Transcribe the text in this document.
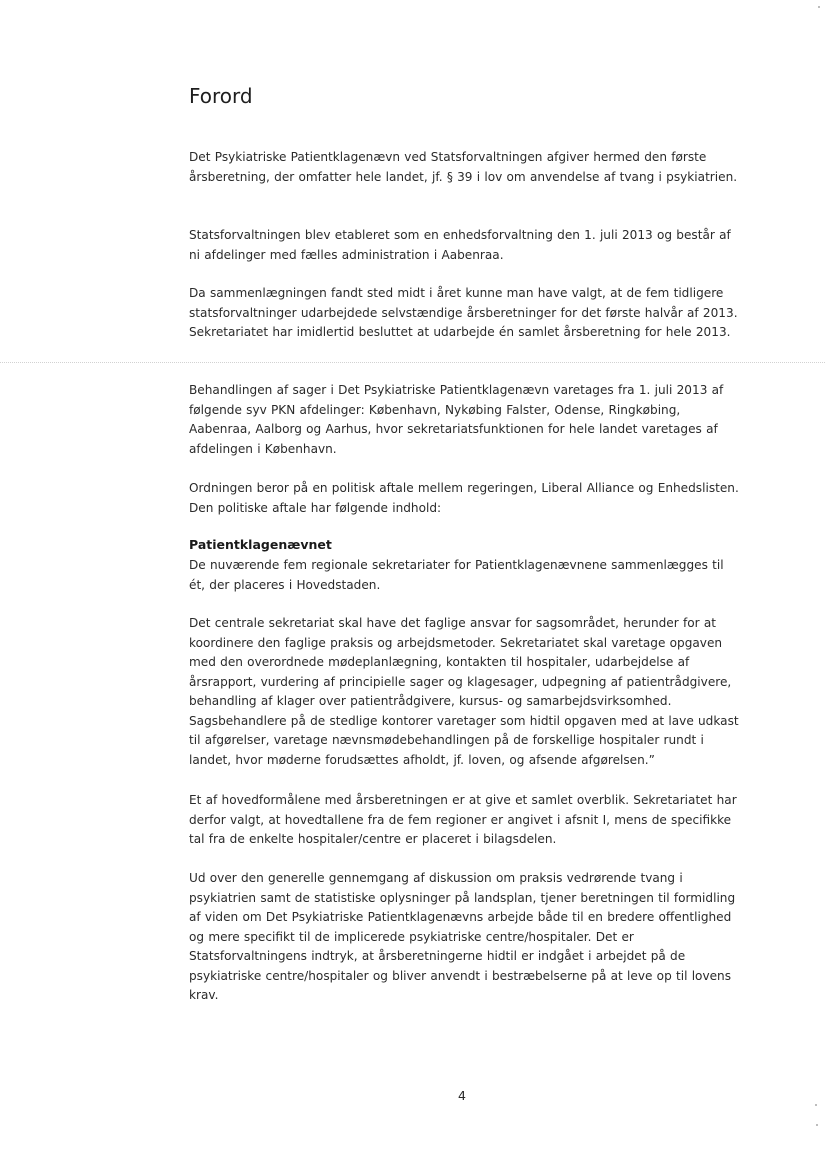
Forord

Det Psykiatriske Patientklagenævn ved Statsforvaltningen afgiver hermed den første årsberetning, der omfatter hele landet, jf. § 39 i lov om anvendelse af tvang i psykiatrien.

Statsforvaltningen blev etableret som en enhedsforvaltning den 1. juli 2013 og består af ni afdelinger med fælles administration i Aabenraa.

Da sammenlægningen fandt sted midt i året kunne man have valgt, at de fem tidligere statsforvaltninger udarbejdede selvstændige årsberetninger for det første halvår af 2013. Sekretariatet har imidlertid besluttet at udarbejde én samlet årsberetning for hele 2013.

Behandlingen af sager i Det Psykiatriske Patientklagenævn varetages fra 1. juli 2013 af følgende syv PKN afdelinger: København, Nykøbing Falster, Odense, Ringkøbing, Aabenraa, Aalborg og Aarhus, hvor sekretariatsfunktionen for hele landet varetages af afdelingen i København.

Ordningen beror på en politisk aftale mellem regeringen, Liberal Alliance og Enhedslisten. Den politiske aftale har følgende indhold:

Patientklagenævnet

De nuværende fem regionale sekretariater for Patientklagenævnene sammenlægges til ét, der placeres i Hovedstaden.

Det centrale sekretariat skal have det faglige ansvar for sagsområdet, herunder for at koordinere den faglige praksis og arbejdsmetoder. Sekretariatet skal varetage opgaven med den overordnede mødeplanlægning, kontakten til hospitaler, udarbejdelse af årsrapport, vurdering af principielle sager og klagesager, udpegning af patientrådgivere, behandling af klager over patientrådgivere, kursus- og samarbejdsvirksomhed. Sagsbehandlere på de stedlige kontorer varetager som hidtil opgaven med at lave udkast til afgørelser, varetage nævnsmødebehandlingen på de forskellige hospitaler rundt i landet, hvor møderne forudsættes afholdt, jf. loven, og afsende afgørelsen.”

Et af hovedformålene med årsberetningen er at give et samlet overblik. Sekretariatet har derfor valgt, at hovedtallene fra de fem regioner er angivet i afsnit I, mens de specifikke tal fra de enkelte hospitaler/centre er placeret i bilagsdelen.

Ud over den generelle gennemgang af diskussion om praksis vedrørende tvang i psykiatrien samt de statistiske oplysninger på landsplan, tjener beretningen til formidling af viden om Det Psykiatriske Patientklagenævns arbejde både til en bredere offentlighed og mere specifikt til de implicerede psykiatriske centre/hospitaler. Det er Statsforvaltningens indtryk, at årsberetningerne hidtil er indgået i arbejdet på de psykiatriske centre/hospitaler og bliver anvendt i bestræbelserne på at leve op til lovens krav.

4
